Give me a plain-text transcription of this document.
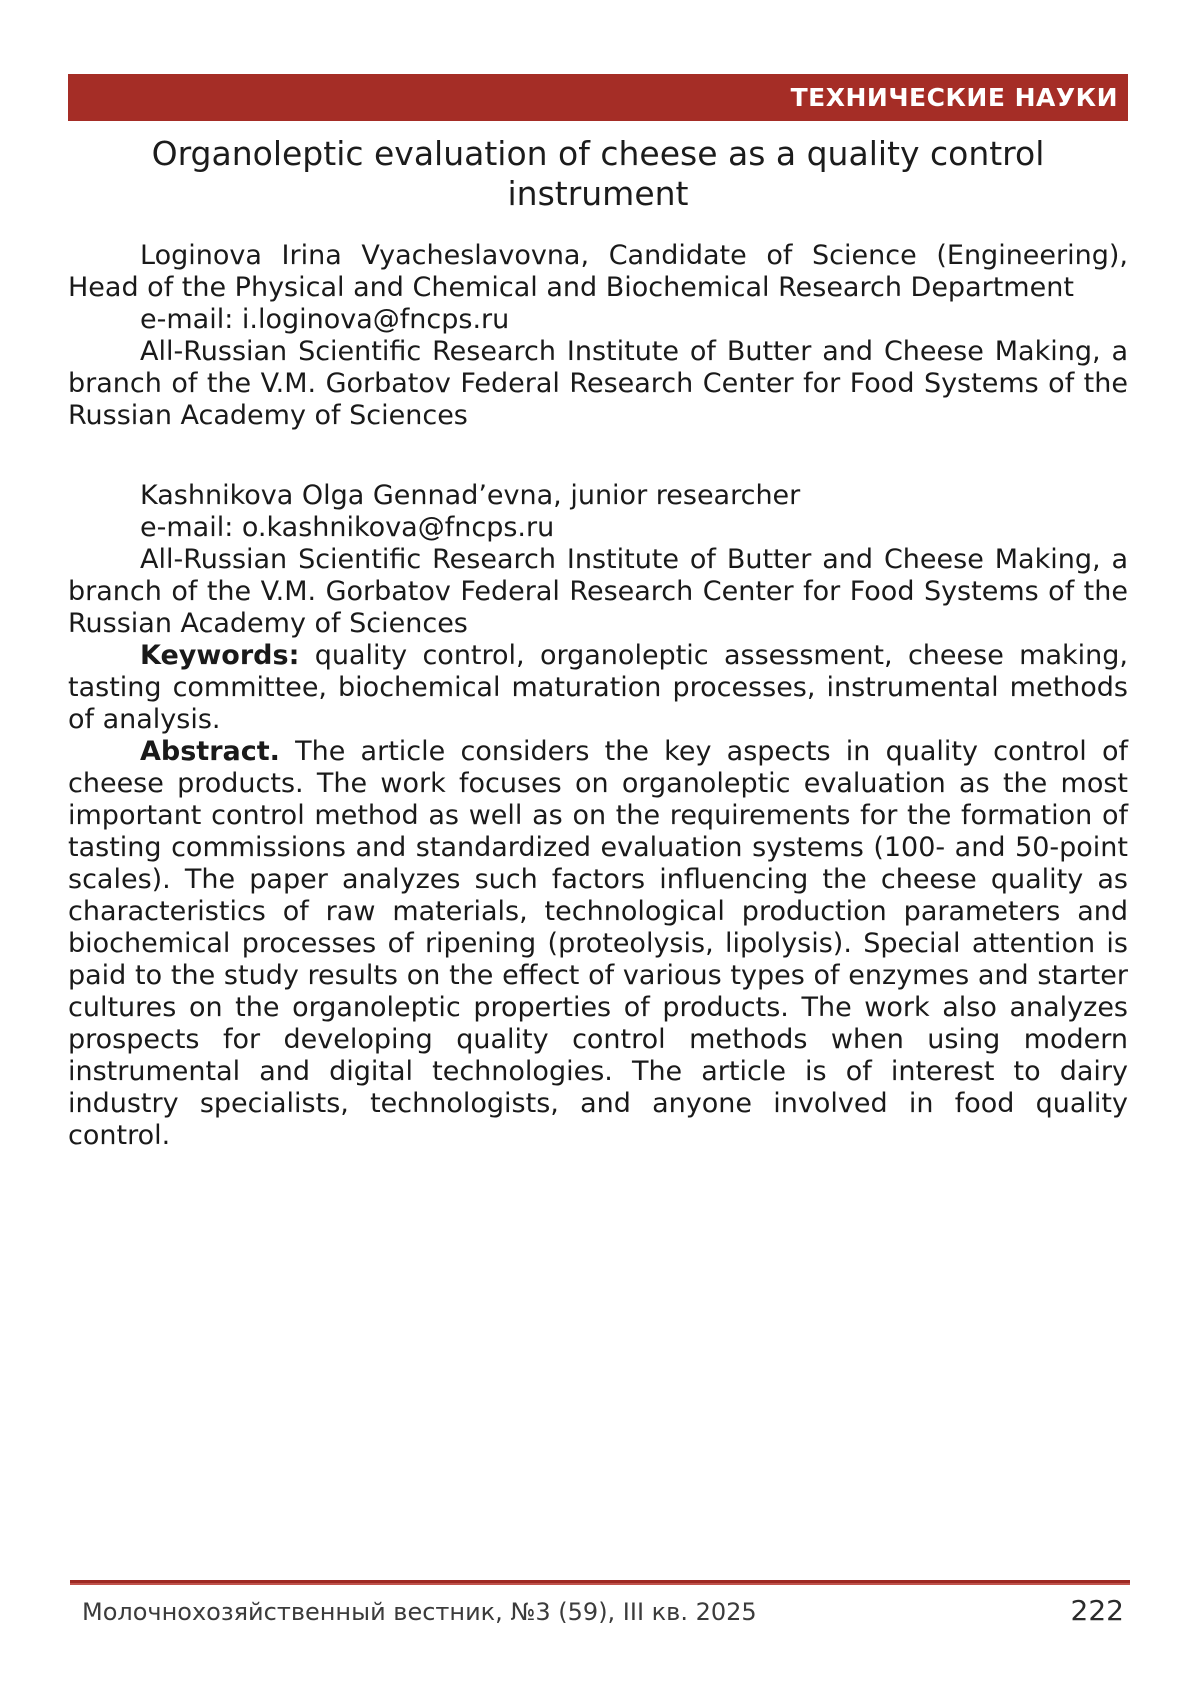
ТЕХНИЧЕСКИЕ НАУКИ
Organoleptic evaluation of cheese as a quality control instrument

Loginova Irina Vyacheslavovna, Candidate of Science (Engineering), Head of the Physical and Chemical and Biochemical Research Department

e-mail: i.loginova@fncps.ru

All-Russian Scientific Research Institute of Butter and Cheese Making, a branch of the V.M. Gorbatov Federal Research Center for Food Systems of the Russian Academy of Sciences

Kashnikova Olga Gennad’evna, junior researcher

e-mail: o.kashnikova@fncps.ru

All-Russian Scientific Research Institute of Butter and Cheese Making, a branch of the V.M. Gorbatov Federal Research Center for Food Systems of the Russian Academy of Sciences

Keywords: quality control, organoleptic assessment, cheese making, tasting committee, biochemical maturation processes, instrumental methods of analysis.

Abstract. The article considers the key aspects in quality control of cheese products. The work focuses on organoleptic evaluation as the most important control method as well as on the requirements for the formation of tasting commissions and standardized evaluation systems (100- and 50-point scales). The paper analyzes such factors influencing the cheese quality as characteristics of raw materials, technological production parameters and biochemical processes of ripening (proteolysis, lipolysis). Special attention is paid to the study results on the effect of various types of enzymes and starter cultures on the organoleptic properties of products. The work also analyzes prospects for developing quality control methods when using modern instrumental and digital technologies. The article is of interest to dairy industry specialists, technologists, and anyone involved in food quality control.

Молочнохозяйственный вестник, №3 (59), III кв. 2025	222
